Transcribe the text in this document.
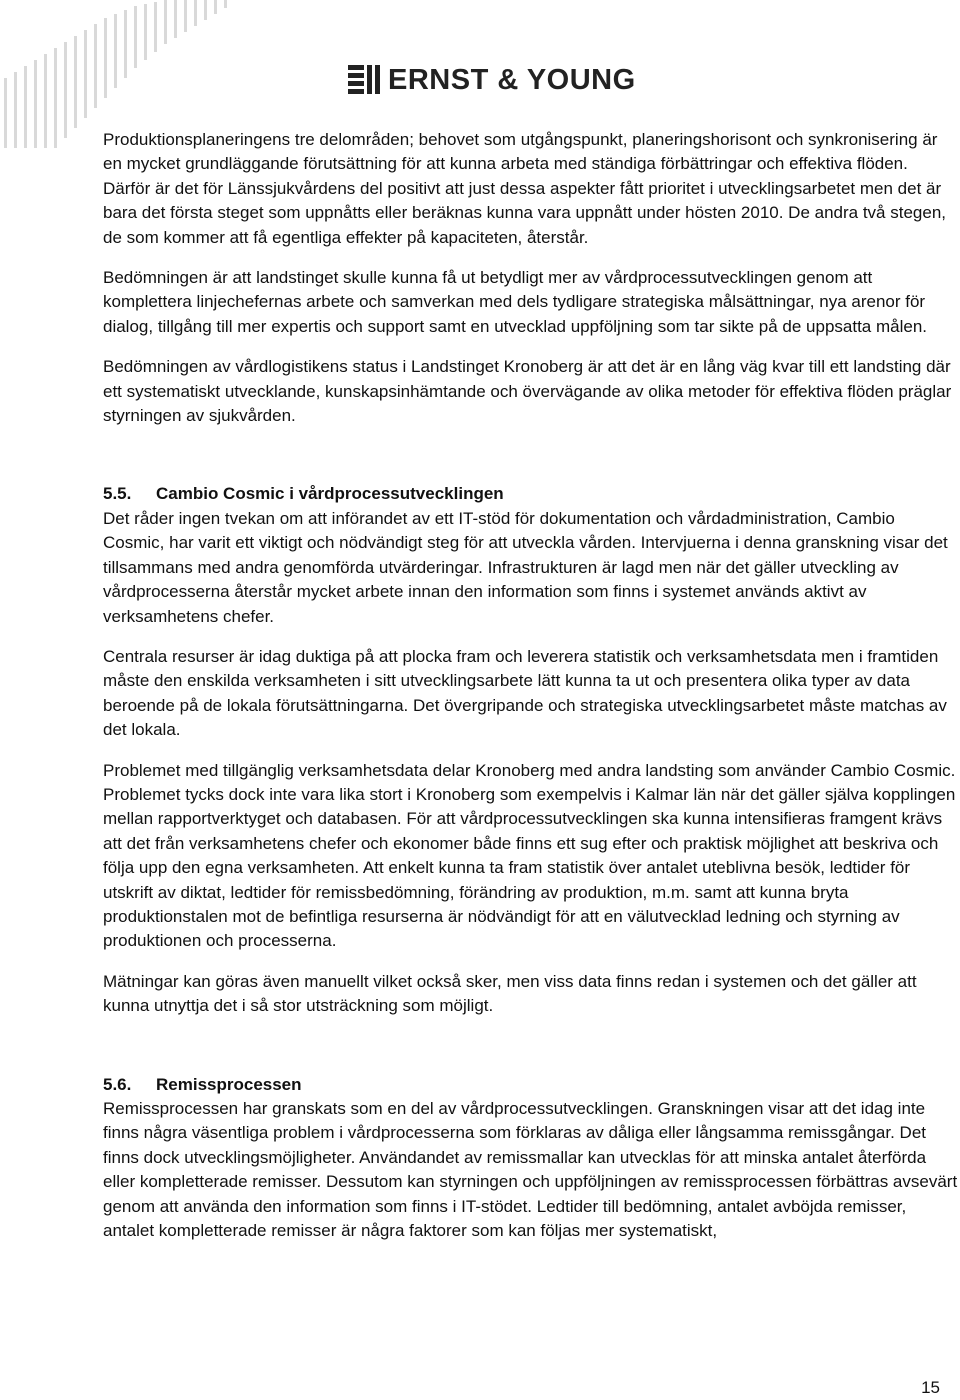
ERNST & YOUNG

Produktionsplaneringens tre delområden; behovet som utgångspunkt, planeringshorisont och synkronisering är en mycket grundläggande förutsättning för att kunna arbeta med ständiga förbättringar och effektiva flöden. Därför är det för Länssjukvårdens del positivt att just dessa aspekter fått prioritet i utvecklingsarbetet men det är bara det första steget som uppnåtts eller beräknas kunna vara uppnått under hösten 2010. De andra två stegen, de som kommer att få egentliga effekter på kapaciteten, återstår.

Bedömningen är att landstinget skulle kunna få ut betydligt mer av vårdprocessutvecklingen genom att komplettera linjechefernas arbete och samverkan med dels tydligare strategiska målsättningar, nya arenor för dialog, tillgång till mer expertis och support samt en utvecklad uppföljning som tar sikte på de uppsatta målen.

Bedömningen av vårdlogistikens status i Landstinget Kronoberg är att det är en lång väg kvar till ett landsting där ett systematiskt utvecklande, kunskapsinhämtande och övervägande av olika metoder för effektiva flöden präglar styrningen av sjukvården.

5.5. Cambio Cosmic i vårdprocessutvecklingen

Det råder ingen tvekan om att införandet av ett IT-stöd för dokumentation och vårdadministration, Cambio Cosmic, har varit ett viktigt och nödvändigt steg för att utveckla vården. Intervjuerna i denna granskning visar det tillsammans med andra genomförda utvärderingar. Infrastrukturen är lagd men när det gäller utveckling av vårdprocesserna återstår mycket arbete innan den information som finns i systemet används aktivt av verksamhetens chefer.

Centrala resurser är idag duktiga på att plocka fram och leverera statistik och verksamhetsdata men i framtiden måste den enskilda verksamheten i sitt utvecklingsarbete lätt kunna ta ut och presentera olika typer av data beroende på de lokala förutsättningarna. Det övergripande och strategiska utvecklingsarbetet måste matchas av det lokala.

Problemet med tillgänglig verksamhetsdata delar Kronoberg med andra landsting som använder Cambio Cosmic. Problemet tycks dock inte vara lika stort i Kronoberg som exempelvis i Kalmar län när det gäller själva kopplingen mellan rapportverktyget och databasen. För att vårdprocessutvecklingen ska kunna intensifieras framgent krävs att det från verksamhetens chefer och ekonomer både finns ett sug efter och praktisk möjlighet att beskriva och följa upp den egna verksamheten. Att enkelt kunna ta fram statistik över antalet uteblivna besök, ledtider för utskrift av diktat, ledtider för remissbedömning, förändring av produktion, m.m. samt att kunna bryta produktionstalen mot de befintliga resurserna är nödvändigt för att en välutvecklad ledning och styrning av produktionen och processerna.

Mätningar kan göras även manuellt vilket också sker, men viss data finns redan i systemen och det gäller att kunna utnyttja det i så stor utsträckning som möjligt.

5.6. Remissprocessen

Remissprocessen har granskats som en del av vårdprocessutvecklingen. Granskningen visar att det idag inte finns några väsentliga problem i vårdprocesserna som förklaras av dåliga eller långsamma remissgångar. Det finns dock utvecklingsmöjligheter. Användandet av remissmallar kan utvecklas för att minska antalet återförda eller kompletterade remisser. Dessutom kan styrningen och uppföljningen av remissprocessen förbättras avsevärt genom att använda den information som finns i IT-stödet. Ledtider till bedömning, antalet avböjda remisser, antalet kompletterade remisser är några faktorer som kan följas mer systematiskt,

15
